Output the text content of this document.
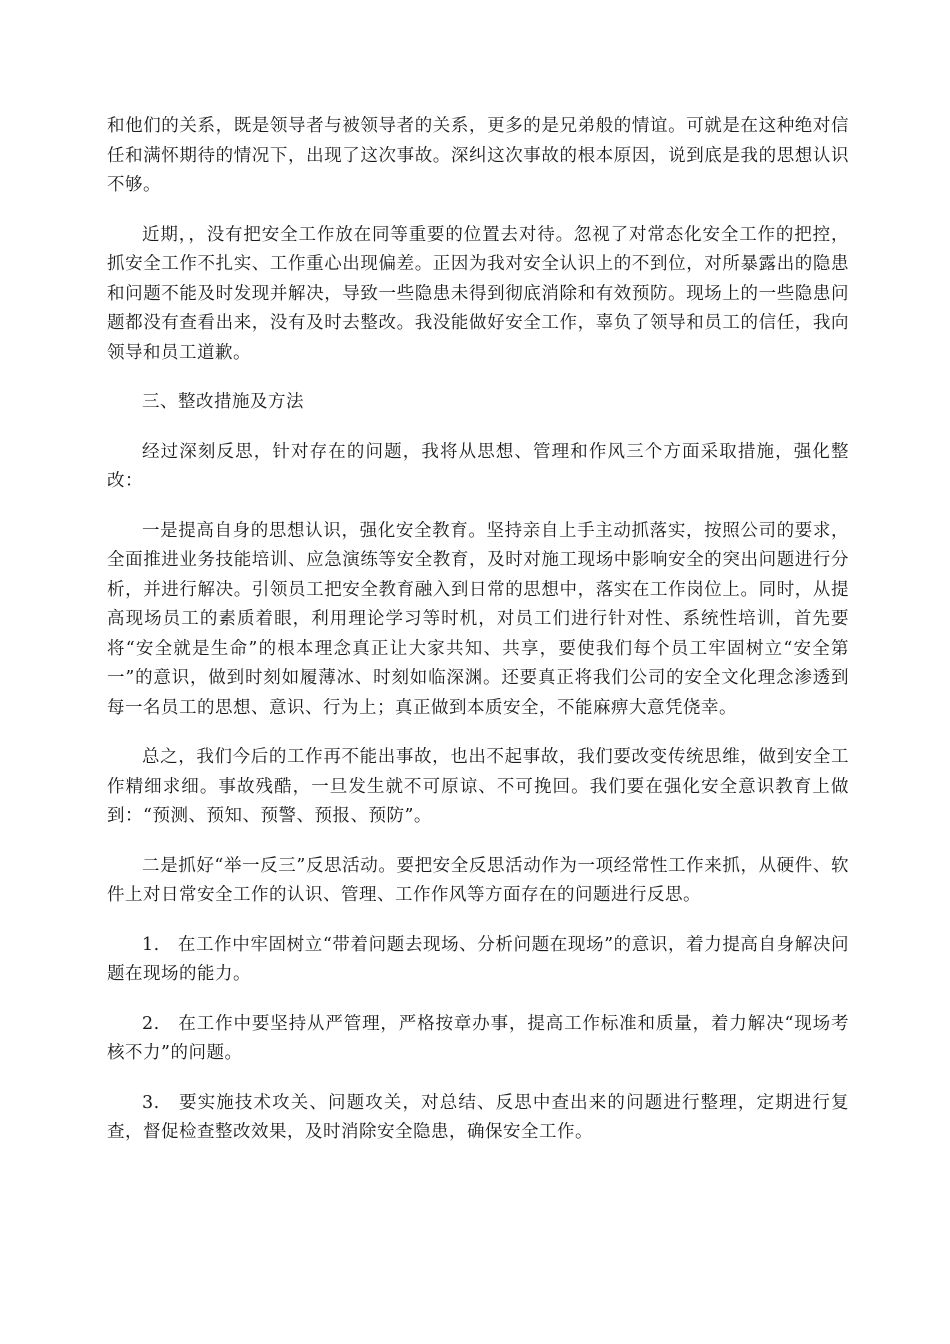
和他们的关系，既是领导者与被领导者的关系，更多的是兄弟般的情谊。可就是在这种绝对信任和满怀期待的情况下，出现了这次事故。深纠这次事故的根本原因，说到底是我的思想认识不够。

近期，，没有把安全工作放在同等重要的位置去对待。忽视了对常态化安全工作的把控，抓安全工作不扎实、工作重心出现偏差。正因为我对安全认识上的不到位，对所暴露出的隐患和问题不能及时发现并解决，导致一些隐患未得到彻底消除和有效预防。现场上的一些隐患问题都没有查看出来，没有及时去整改。我没能做好安全工作，辜负了领导和员工的信任，我向领导和员工道歉。

三、整改措施及方法

经过深刻反思，针对存在的问题，我将从思想、管理和作风三个方面采取措施，强化整改：

一是提高自身的思想认识，强化安全教育。坚持亲自上手主动抓落实，按照公司的要求，全面推进业务技能培训、应急演练等安全教育，及时对施工现场中影响安全的突出问题进行分析，并进行解决。引领员工把安全教育融入到日常的思想中，落实在工作岗位上。同时，从提高现场员工的素质着眼，利用理论学习等时机，对员工们进行针对性、系统性培训，首先要将“安全就是生命”的根本理念真正让大家共知、共享，要使我们每个员工牢固树立“安全第一”的意识，做到时刻如履薄冰、时刻如临深渊。还要真正将我们公司的安全文化理念渗透到每一名员工的思想、意识、行为上；真正做到本质安全，不能麻痹大意凭侥幸。

总之，我们今后的工作再不能出事故，也出不起事故，我们要改变传统思维，做到安全工作精细求细。事故残酷，一旦发生就不可原谅、不可挽回。我们要在强化安全意识教育上做到：“预测、预知、预警、预报、预防”。

二是抓好“举一反三”反思活动。要把安全反思活动作为一项经常性工作来抓，从硬件、软件上对日常安全工作的认识、管理、工作作风等方面存在的问题进行反思。

1.　在工作中牢固树立“带着问题去现场、分析问题在现场”的意识，着力提高自身解决问题在现场的能力。

2.　在工作中要坚持从严管理，严格按章办事，提高工作标准和质量，着力解决“现场考核不力”的问题。

3.　要实施技术攻关、问题攻关，对总结、反思中查出来的问题进行整理，定期进行复查，督促检查整改效果，及时消除安全隐患，确保安全工作。
